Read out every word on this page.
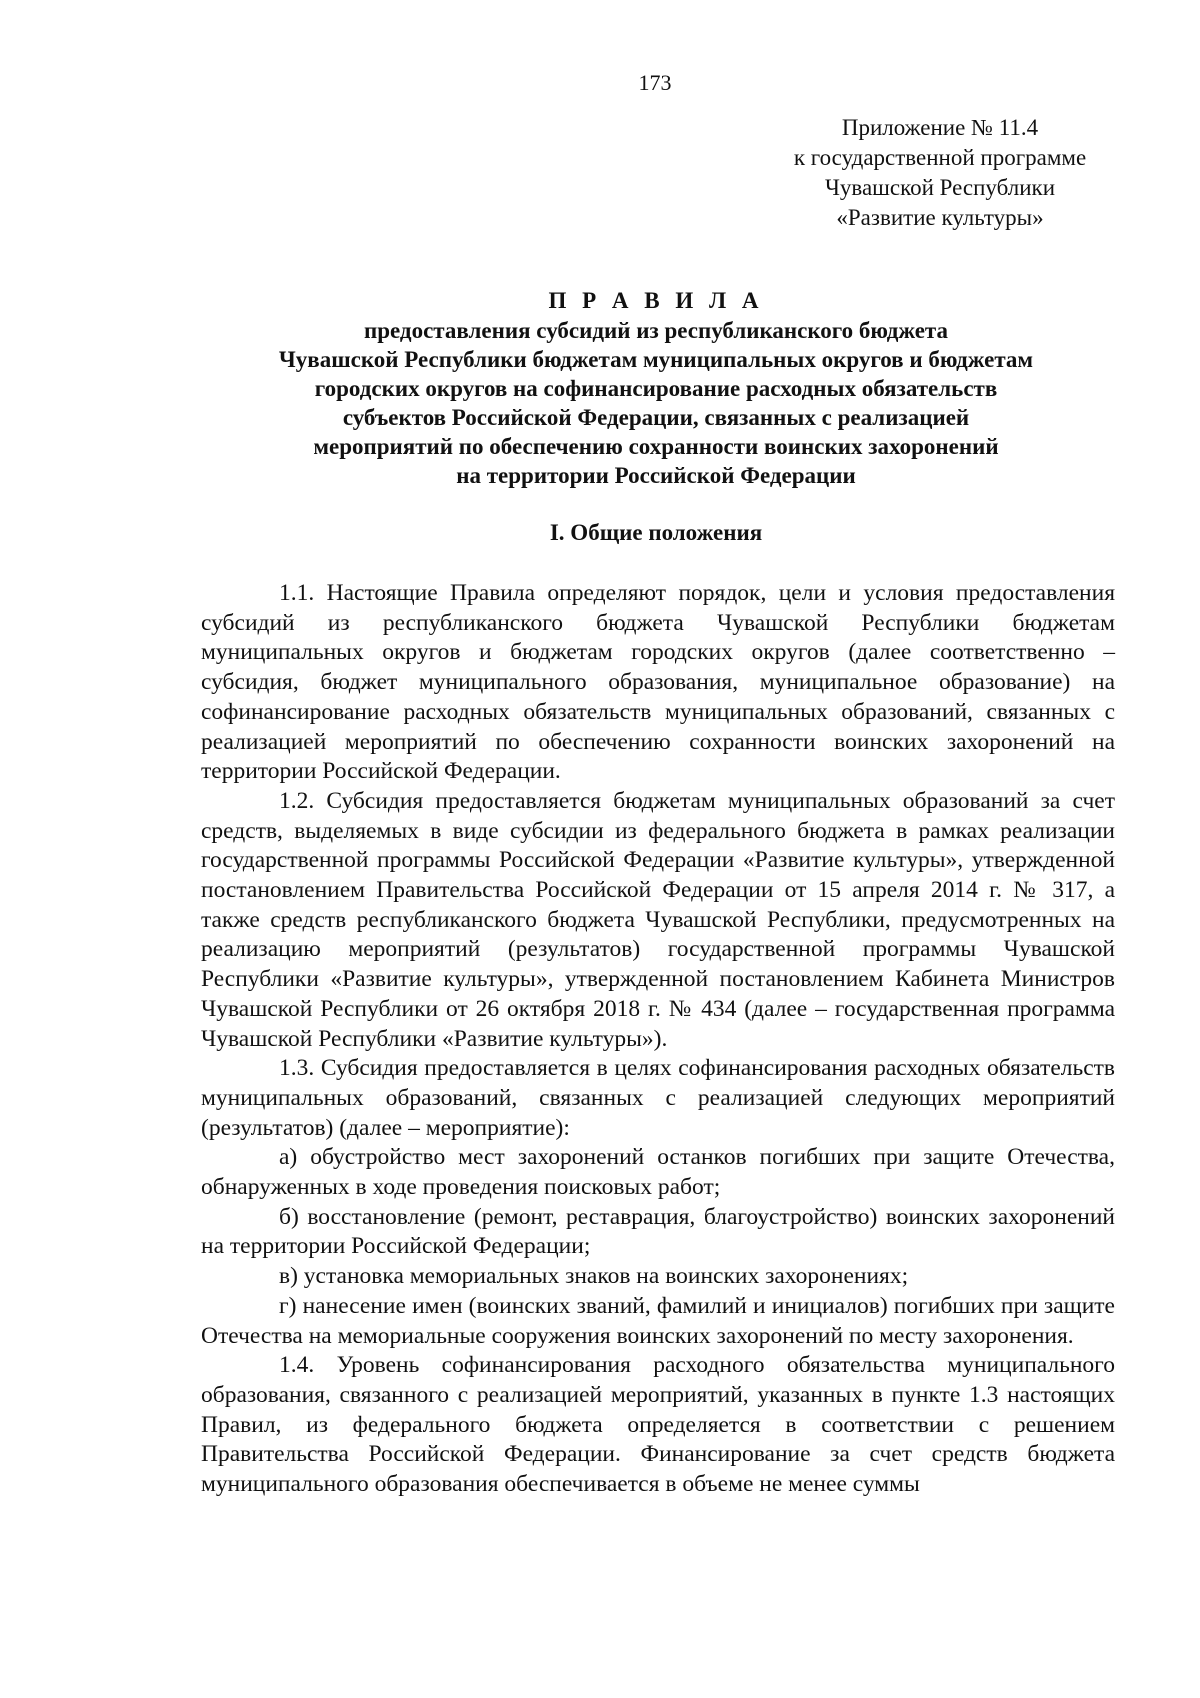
173
Приложение № 11.4
к государственной программе
Чувашской Республики
«Развитие культуры»
П Р А В И Л А
предоставления субсидий из республиканского бюджета
Чувашской Республики бюджетам муниципальных округов и бюджетам
городских округов на софинансирование расходных обязательств
субъектов Российской Федерации, связанных с реализацией
мероприятий по обеспечению сохранности воинских захоронений
на территории Российской Федерации
I. Общие положения

1.1. Настоящие Правила определяют порядок, цели и условия предоставления субсидий из республиканского бюджета Чувашской Республики бюджетам муниципальных округов и бюджетам городских округов (далее соответственно – субсидия, бюджет муниципального образования, муниципальное образование) на софинансирование расходных обязательств муниципальных образований, связанных с реализацией мероприятий по обеспечению сохранности воинских захоронений на территории Российской Федерации.

1.2. Субсидия предоставляется бюджетам муниципальных образований за счет средств, выделяемых в виде субсидии из федерального бюджета в рамках реализации государственной программы Российской Федерации «Развитие культуры», утвержденной постановлением Правительства Российской Федерации от 15 апреля 2014 г. № 317, а также средств республиканского бюджета Чувашской Республики, предусмотренных на реализацию мероприятий (результатов) государственной программы Чувашской Республики «Развитие культуры», утвержденной постановлением Кабинета Министров Чувашской Республики от 26 октября 2018 г. № 434 (далее – государственная программа Чувашской Республики «Развитие культуры»).

1.3. Субсидия предоставляется в целях софинансирования расходных обязательств муниципальных образований, связанных с реализацией следующих мероприятий (результатов) (далее – мероприятие):

а) обустройство мест захоронений останков погибших при защите Отечества, обнаруженных в ходе проведения поисковых работ;

б) восстановление (ремонт, реставрация, благоустройство) воинских захоронений на территории Российской Федерации;

в) установка мемориальных знаков на воинских захоронениях;

г) нанесение имен (воинских званий, фамилий и инициалов) погибших при защите Отечества на мемориальные сооружения воинских захоронений по месту захоронения.

1.4. Уровень софинансирования расходного обязательства муниципального образования, связанного с реализацией мероприятий, указанных в пункте 1.3 настоящих Правил, из федерального бюджета определяется в соответствии с решением Правительства Российской Федерации. Финансирование за счет средств бюджета муниципального образования обеспечивается в объеме не менее суммы
